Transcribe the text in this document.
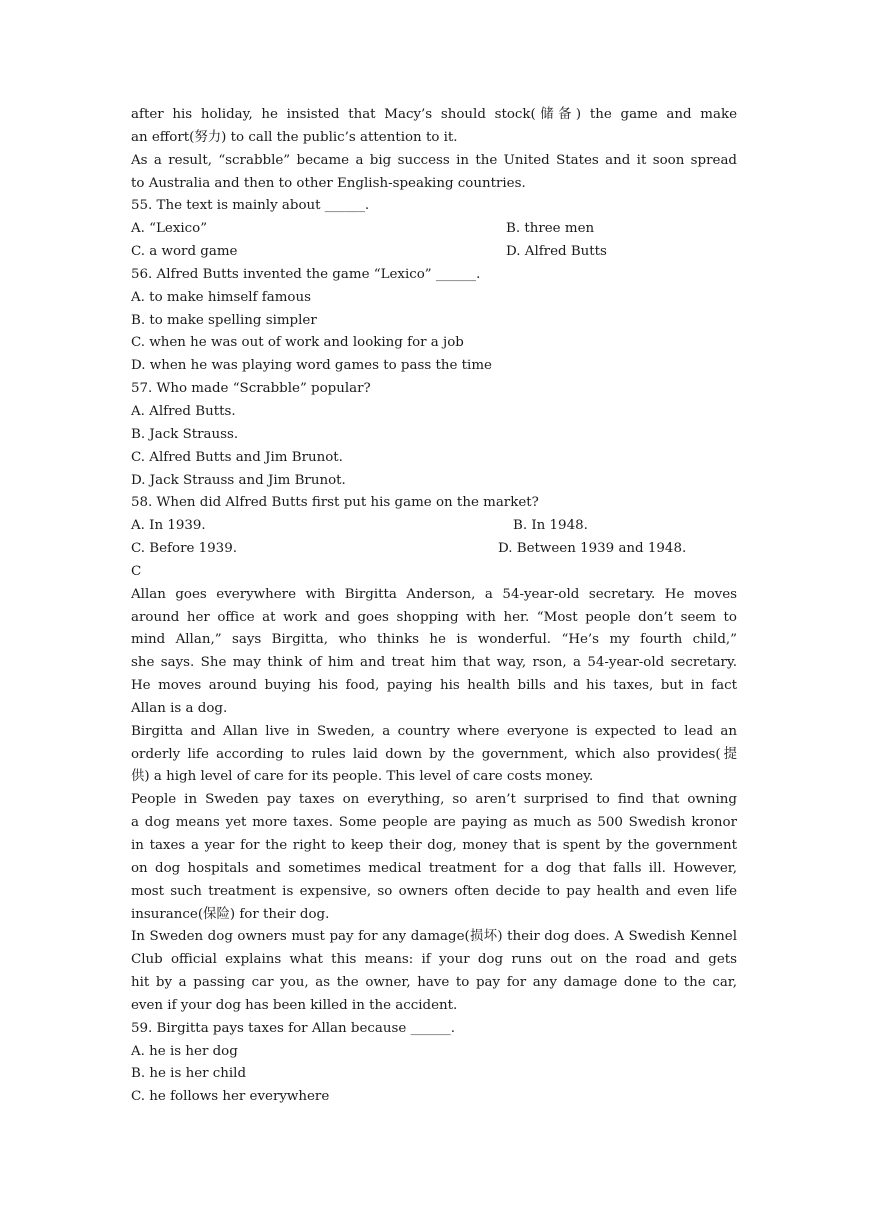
after his holiday, he insisted that Macy’s should stock(储备) the game and make
an effort(努力) to call the public’s attention to it.
As a result, “scrabble” became a big success in the United States and it soon spread
to Australia and then to other English-speaking countries.
55. The text is mainly about ______.
A. “Lexico”	B. three men
C. a word game	D. Alfred Butts
56. Alfred Butts invented the game “Lexico” ______.
A. to make himself famous
B. to make spelling simpler
C. when he was out of work and looking for a job
D. when he was playing word games to pass the time
57. Who made “Scrabble” popular?
A. Alfred Butts.
B. Jack Strauss.
C. Alfred Butts and Jim Brunot.
D. Jack Strauss and Jim Brunot.
58. When did Alfred Butts first put his game on the market?
A. In 1939.	B. In 1948.
C. Before 1939.	D. Between 1939 and 1948.
C
Allan goes everywhere with Birgitta Anderson, a 54-year-old secretary. He moves
around her office at work and goes shopping with her. “Most people don’t seem to
mind Allan,” says Birgitta, who thinks he is wonderful. “He’s my fourth child,”
she says. She may think of him and treat him that way, rson, a 54-year-old secretary.
He moves around buying his food, paying his health bills and his taxes, but in fact
Allan is a dog.
Birgitta and Allan live in Sweden, a country where everyone is expected to lead an
orderly life according to rules laid down by the government, which also provides(提
供) a high level of care for its people. This level of care costs money.
People in Sweden pay taxes on everything, so aren’t surprised to find that owning
a dog means yet more taxes. Some people are paying as much as 500 Swedish kronor
in taxes a year for the right to keep their dog, money that is spent by the government
on dog hospitals and sometimes medical treatment for a dog that falls ill. However,
most such treatment is expensive, so owners often decide to pay health and even life
insurance(保险) for their dog.
In Sweden dog owners must pay for any damage(损坏) their dog does. A Swedish Kennel
Club official explains what this means: if your dog runs out on the road and gets
hit by a passing car you, as the owner, have to pay for any damage done to the car,
even if your dog has been killed in the accident.
59. Birgitta pays taxes for Allan because ______.
A. he is her dog
B. he is her child
C. he follows her everywhere
